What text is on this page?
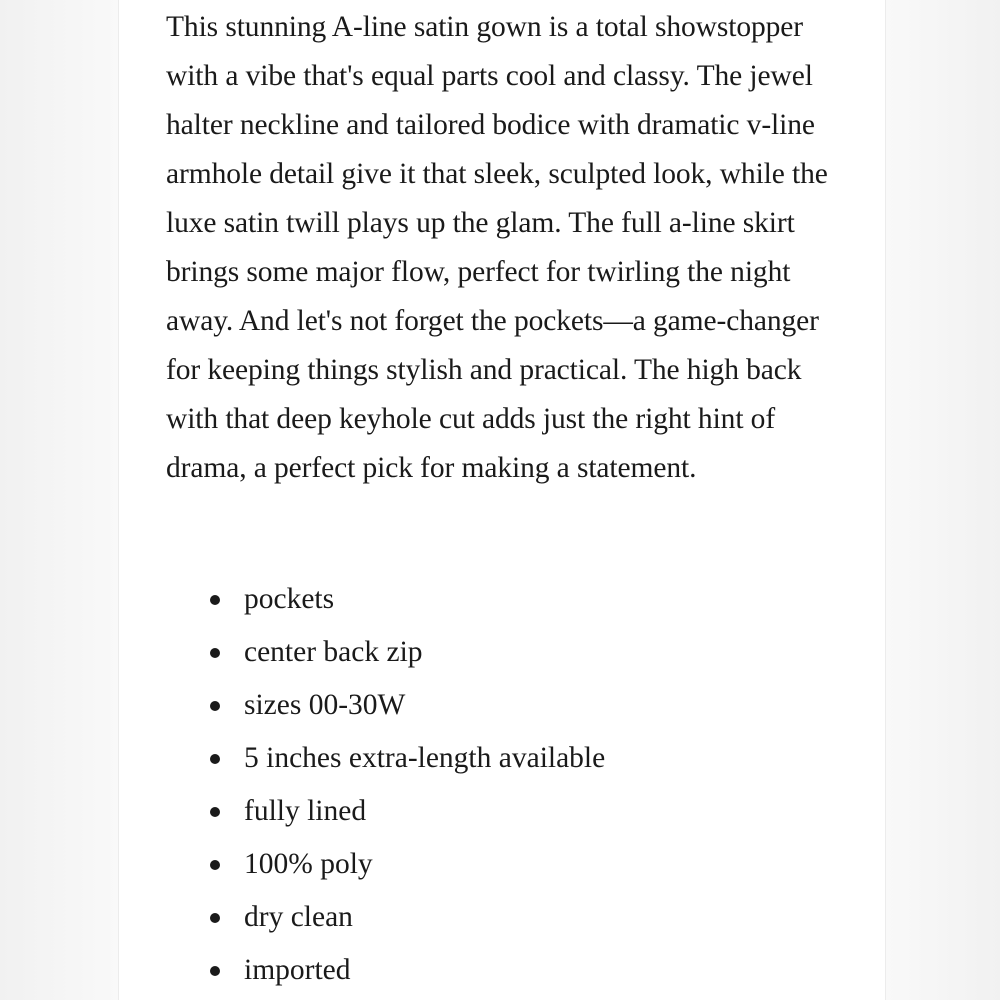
This stunning A-line satin gown is a total showstopper with a vibe that's equal parts cool and classy. The jewel halter neckline and tailored bodice with dramatic v-line armhole detail give it that sleek, sculpted look, while the luxe satin twill plays up the glam. The full a-line skirt brings some major flow, perfect for twirling the night away. And let's not forget the pockets—a game-changer for keeping things stylish and practical. The high back with that deep keyhole cut adds just the right hint of drama, a perfect pick for making a statement.

pockets
center back zip
sizes 00-30W
5 inches extra-length available
fully lined
100% poly
dry clean
imported
